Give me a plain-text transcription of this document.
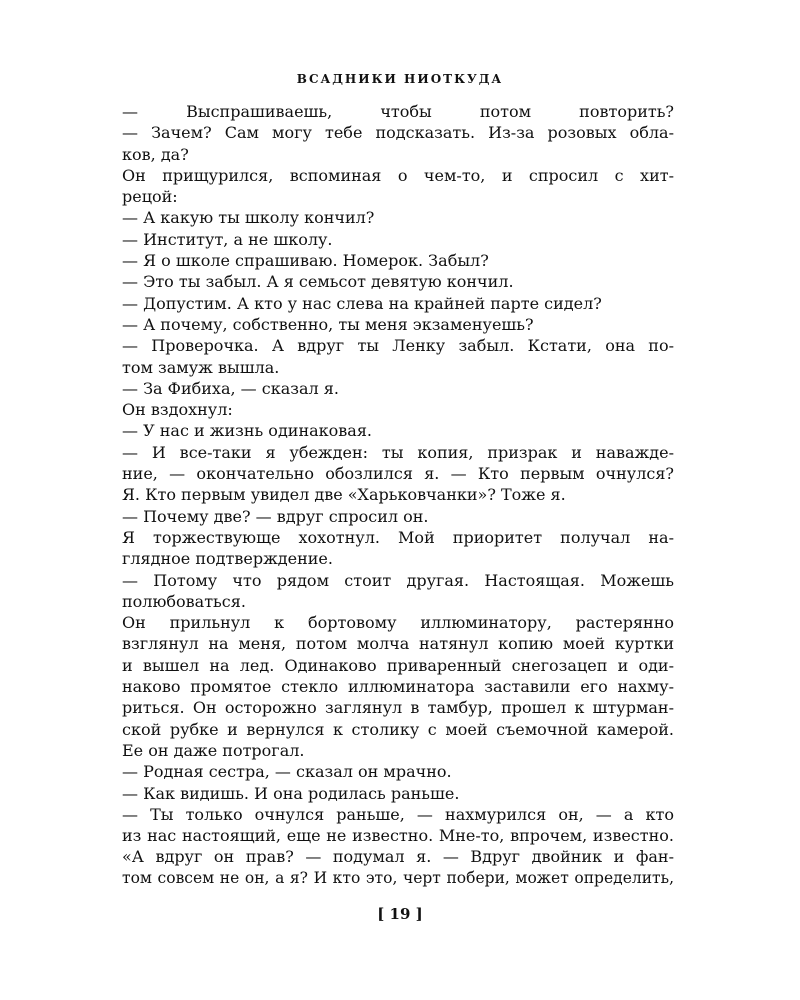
ВСАДНИКИ НИОТКУДА
— Выспрашиваешь, чтобы потом повторить?
— Зачем? Сам могу тебе подсказать. Из-за розовых обла-
ков, да?
Он прищурился, вспоминая о чем-то, и спросил с хит-
рецой:
— А какую ты школу кончил?
— Институт, а не школу.
— Я о школе спрашиваю. Номерок. Забыл?
— Это ты забыл. А я семьсот девятую кончил.
— Допустим. А кто у нас слева на крайней парте сидел?
— А почему, собственно, ты меня экзаменуешь?
— Проверочка. А вдруг ты Ленку забыл. Кстати, она по-
том замуж вышла.
— За Фибиха, — сказал я.
Он вздохнул:
— У нас и жизнь одинаковая.
— И все-таки я убежден: ты копия, призрак и наважде-
ние, — окончательно обозлился я. — Кто первым очнулся?
Я. Кто первым увидел две «Харьковчанки»? Тоже я.
— Почему две? — вдруг спросил он.
Я торжествующе хохотнул. Мой приоритет получал на-
глядное подтверждение.
— Потому что рядом стоит другая. Настоящая. Можешь
полюбоваться.
Он прильнул к бортовому иллюминатору, растерянно
взглянул на меня, потом молча натянул копию моей куртки
и вышел на лед. Одинаково приваренный снегозацеп и оди-
наково промятое стекло иллюминатора заставили его нахму-
риться. Он осторожно заглянул в тамбур, прошел к штурман-
ской рубке и вернулся к столику с моей съемочной камерой.
Ее он даже потрогал.
— Родная сестра, — сказал он мрачно.
— Как видишь. И она родилась раньше.
— Ты только очнулся раньше, — нахмурился он, — а кто
из нас настоящий, еще не известно. Мне-то, впрочем, известно.
«А вдруг он прав? — подумал я. — Вдруг двойник и фан-
том совсем не он, а я? И кто это, черт побери, может определить,
[ 19 ]
